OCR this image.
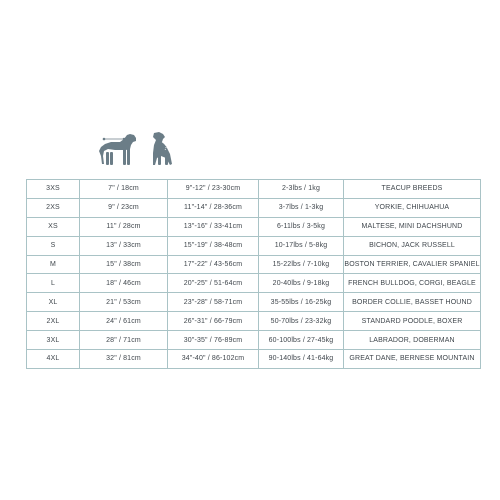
3XS	7" / 18cm	9"-12" / 23-30cm	2-3lbs / 1kg	TEACUP BREEDS
2XS	9" / 23cm	11"-14" / 28-36cm	3-7lbs / 1-3kg	YORKIE, CHIHUAHUA
XS	11" / 28cm	13"-16" / 33-41cm	6-11lbs / 3-5kg	MALTESE, MINI DACHSHUND
S	13" / 33cm	15"-19" / 38-48cm	10-17lbs / 5-8kg	BICHON, JACK RUSSELL
M	15" / 38cm	17"-22" / 43-56cm	15-22lbs / 7-10kg	BOSTON TERRIER, CAVALIER SPANIEL
L	18" / 46cm	20"-25" / 51-64cm	20-40lbs / 9-18kg	FRENCH BULLDOG, CORGI, BEAGLE
XL	21" / 53cm	23"-28" / 58-71cm	35-55lbs / 16-25kg	BORDER COLLIE, BASSET HOUND
2XL	24" / 61cm	26"-31" / 66-79cm	50-70lbs / 23-32kg	STANDARD POODLE, BOXER
3XL	28" / 71cm	30"-35" / 76-89cm	60-100lbs / 27-45kg	LABRADOR, DOBERMAN
4XL	32" / 81cm	34"-40" / 86-102cm	90-140lbs / 41-64kg	GREAT DANE, BERNESE MOUNTAIN
